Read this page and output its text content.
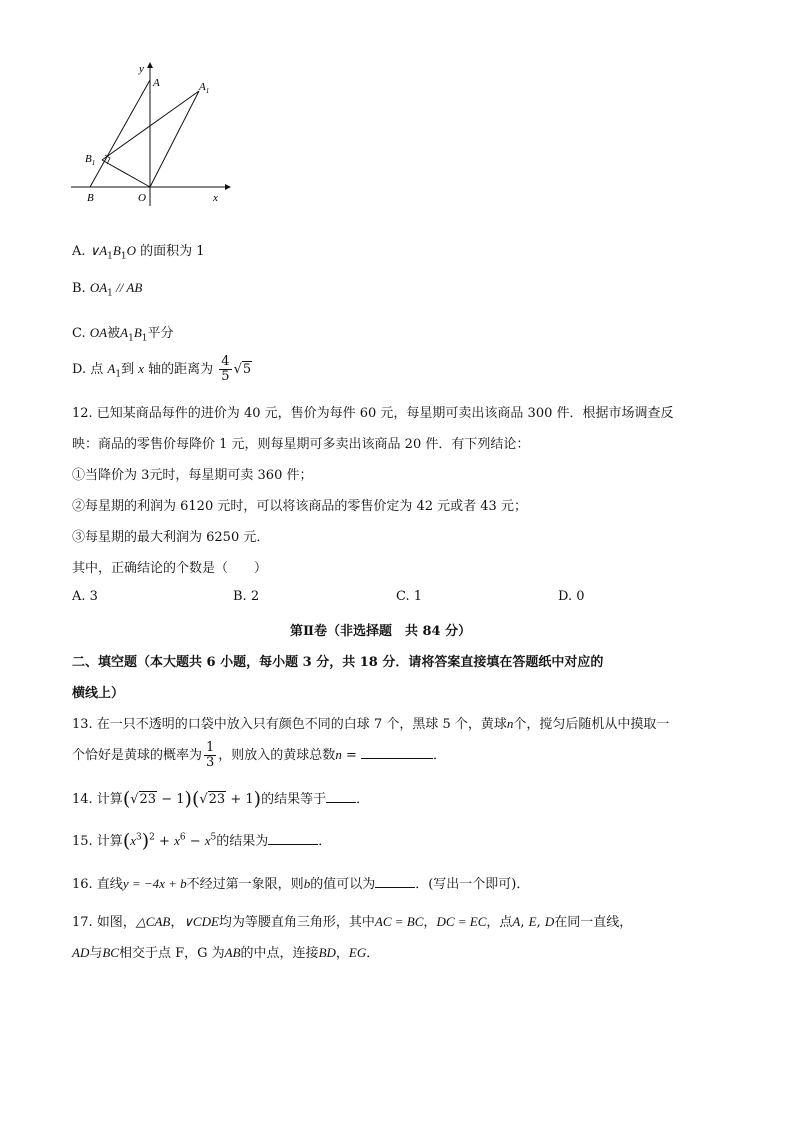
y
A	$A_1$
$B_1$
B	O	x
A. $\vee A_1B_1O$ 的面积为 1
B. $OA_1$ // AB
C. OA被$A_1B_1$平分
D. 点 $A_1$到 x 轴的距离为 $\frac{4}{5} √5$
12. 已知某商品每件的进价为 40 元，售价为每件 60 元，每星期可卖出该商品 300 件．根据市场调查反
映：商品的零售价每降价 1 元，则每星期可多卖出该商品 20 件．有下列结论：
①当降价为 3元时，每星期可卖 360 件；
②每星期的利润为 6120 元时，可以将该商品的零售价定为 42 元或者 43 元；
③每星期的最大利润为 6250 元．
其中，正确结论的个数是（　　）
A. 3	B. 2	C. 1	D. 0
第Ⅱ卷（非选择题　共 84 分）
二、填空题（本大题共 6 小题，每小题 3 分，共 18 分．请将答案直接填在答题纸中对应的
横线上）
13. 在一只不透明的口袋中放入只有颜色不同的白球 7 个，黑球 5 个，黄球n个，搅匀后随机从中摸取一
个恰好是黄球的概率为 $\frac{1}{3}$ ，则放入的黄球总数n =	．
14. 计算(√23 − 1)(√23 + 1)的结果等于 ．
15. 计算$(x^3)^2 + x^6 - x^5$的结果为	．
16. 直线y = −4x + b不经过第一象限，则b的值可以为	．(写出一个即可)．
17. 如图，△CAB，∨CDE均为等腰直角三角形，其中AC = BC，DC = EC，点A, E, D在同一直线，
AD与BC相交于点 F，G 为AB的中点，连接BD，EG．
